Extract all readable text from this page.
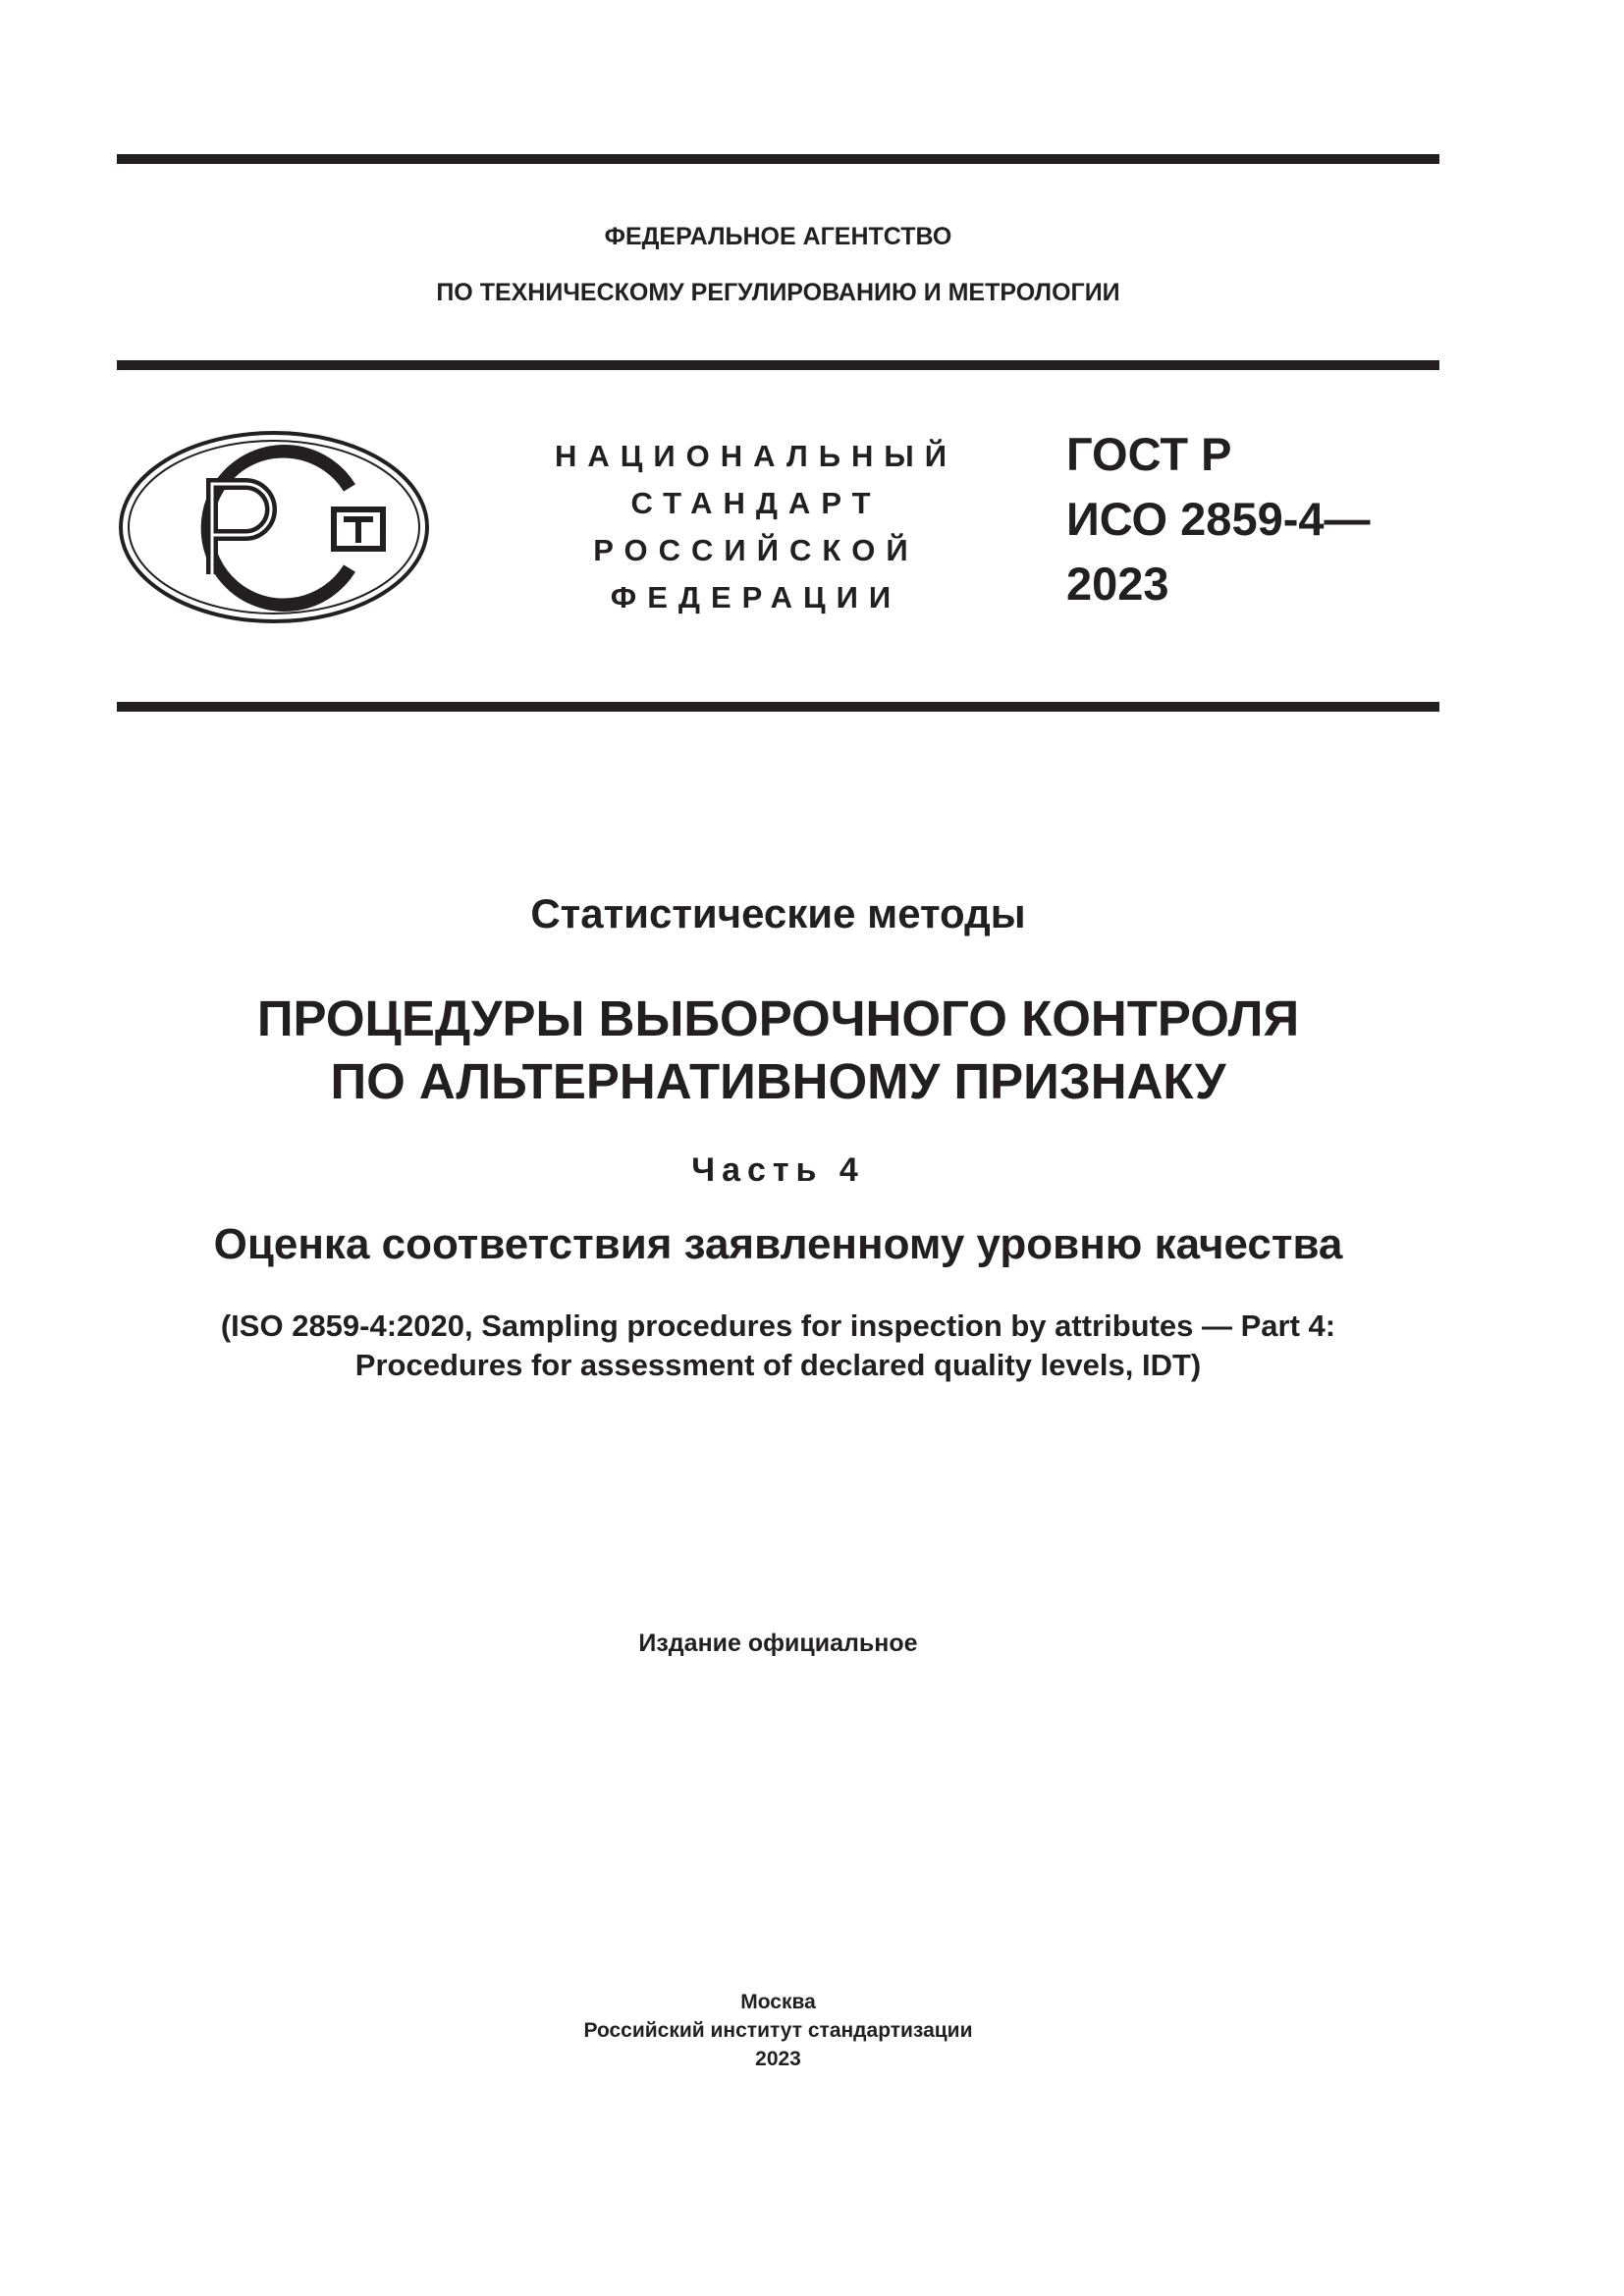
ФЕДЕРАЛЬНОЕ АГЕНТСТВО
ПО ТЕХНИЧЕСКОМУ РЕГУЛИРОВАНИЮ И МЕТРОЛОГИИ
НАЦИОНАЛЬНЫЙ
СТАНДАРТ
РОССИЙСКОЙ
ФЕДЕРАЦИИ
ГОСТ Р
ИСО 2859-4—
2023
Статистические методы
ПРОЦЕДУРЫ ВЫБОРОЧНОГО КОНТРОЛЯ
ПО АЛЬТЕРНАТИВНОМУ ПРИЗНАКУ
Часть 4
Оценка соответствия заявленному уровню качества
(ISO 2859-4:2020, Sampling procedures for inspection by attributes — Part 4:
Procedures for assessment of declared quality levels, IDT)
Издание официальное
Москва
Российский институт стандартизации
2023
